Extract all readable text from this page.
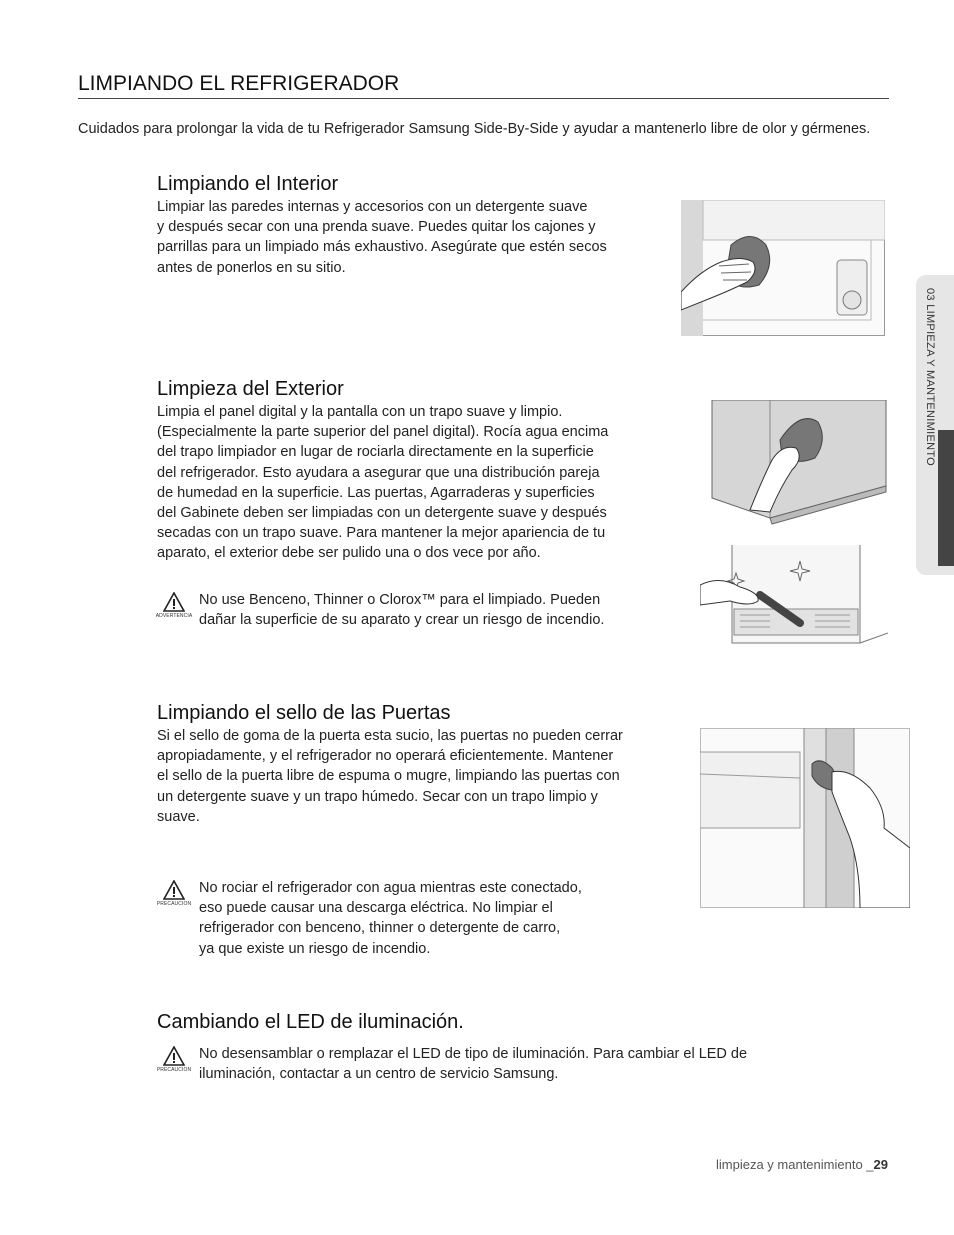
LIMPIANDO EL REFRIGERADOR
Cuidados para prolongar la vida de tu Refrigerador Samsung Side-By-Side y ayudar a mantenerlo libre de olor y gérmenes.
Limpiando el Interior
Limpiar las paredes internas y accesorios con un detergente suave
y después secar con una prenda suave. Puedes quitar los cajones y
parrillas para un limpiado más exhaustivo. Asegúrate que estén secos
antes de ponerlos en su sitio.
Limpieza del Exterior
Limpia el panel digital y la pantalla con un trapo suave y limpio.
(Especialmente la parte superior del panel digital). Rocía agua encima
del trapo limpiador en lugar de rociarla directamente en la superficie
del refrigerador. Esto ayudara a asegurar que una distribución pareja
de humedad en la superficie. Las puertas, Agarraderas y superficies
del Gabinete deben ser limpiadas con un detergente suave y después
secadas con un trapo suave. Para mantener la mejor apariencia de tu
aparato, el exterior debe ser pulido una o dos vece por año.
ADVERTENCIA
No use Benceno, Thinner o Clorox™ para el limpiado. Pueden
dañar la superficie de su aparato y crear un riesgo de incendio.
Limpiando el sello de las Puertas
Si el sello de goma de la puerta esta sucio, las puertas no pueden cerrar
apropiadamente, y el refrigerador no operará eficientemente. Mantener
el sello de la puerta libre de espuma o mugre, limpiando las puertas con
un detergente suave y un trapo húmedo. Secar con un trapo limpio y
suave.
PRECAUCION
No rociar el refrigerador con agua mientras este conectado,
eso puede causar una descarga eléctrica. No limpiar el
refrigerador con benceno, thinner o detergente de carro,
ya que existe un riesgo de incendio.
Cambiando el LED de iluminación.
PRECAUCION
No desensamblar o remplazar el LED de tipo de iluminación. Para cambiar el LED de
iluminación, contactar a un centro de servicio Samsung.
03 LIMPIEZA Y MANTENIMIENTO
limpieza y mantenimiento _29
